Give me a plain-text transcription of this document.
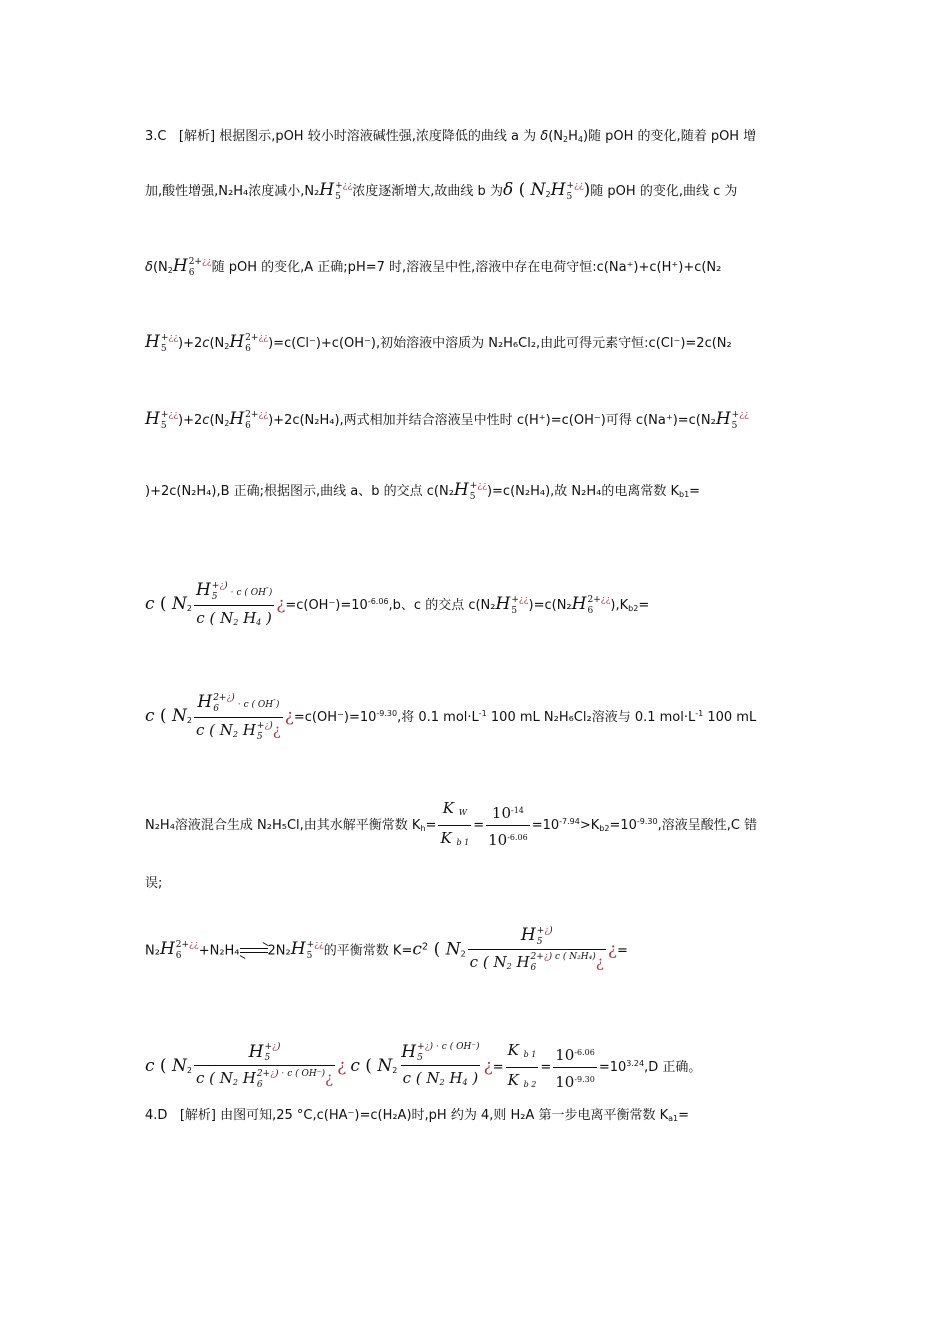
3.C [解析] 根据图示,pOH 较小时溶液碱性强,浓度降低的曲线 a 为 $\delta(N_2H_4)$随 pOH 的变化,随着 pOH 增
加,酸性增强,N₂H₄浓度减小,N₂H +¿¿
5 浓度逐渐增大,故曲线 b 为δ ( $N_2H$ +¿¿
5 )随 pOH 的变化,曲线 c 为
$\delta(N_2H$ 2+¿¿
6	随 pOH 的变化,A 正确;pH=7 时,溶液呈中性,溶液中存在电荷守恒:c(Na⁺)+c(H⁺)+c(N₂
H +¿¿
5 )$+2c(N_2H$ 2+¿¿
6	)=c(Cl⁻)+c(OH⁻),初始溶液中溶质为 N₂H₆Cl₂,由此可得元素守恒:c(Cl⁻)=2c(N₂
H +¿¿
5 )$+2c(N_2H$ 2+¿¿
6	)+2c(N₂H₄),两式相加并结合溶液呈中性时 c(H⁺)=c(OH⁻)可得 c(Na⁺)=c(N₂H +¿¿
5
)+2c(N₂H₄),B 正确;根据图示,曲线 a、b 的交点 c(N₂H +¿¿
5 )=c(N₂H₄),故 N₂H₄的电离常数 $K_{b1}=$
c ( $N_2$ H +¿)
5	⋅ c ( OH-)
c ( $N_2$ $H_4$ ) ¿$=c(OH^-)=10^{-6.06},b$、c 的交点 c(N₂H +¿¿
5 )=c(N₂H 2+¿¿
6	)$,K_{b2}=$
c ( $N_2$ H 2+¿)
6	⋅ c ( OH-)
c ( $N_2$ H +¿)
5 ¿ ¿$=c(OH^-)=10^{-9.30}$,将 0.1 $mol\cdot L^{-1}$ 100 mL N₂H₆Cl₂溶液与 0.1 $mol\cdot L^{-1}$ 100 mL
N₂H₄溶液混合生成 N₂H₅Cl,由其水解平衡常数 $K_h= \frac{K _W}{K _{b 1}} = \frac{10^{-14}}{10^{-6.06}} =10^{-7.94}>K_{b2}=10^{-9.30}$,溶液呈酸性,C 错
误;
N₂H 2+¿¿
6	+N₂H₄ 2N₂H +¿¿
5 的平衡常数 $K=c^2$ ( $N_2$ H +¿)
5
c ( $N_2$ H 2+¿) c ( N₂H₄)
6	¿ ¿=
c ( $N_2$ H +¿)
5
c ( $N_2$ H 2+¿) ⋅ c ( OH⁻)
6	¿ ¿ c ( $N_2$ H +¿) ⋅ c ( OH⁻)
5
c ( $N_2$ $H_4$ ) ¿= $\frac{K _{b 1}}{K _{b 2}} = \frac{10^{-6.06}}{10^{-9.30}} =10^{3.24},D$ 正确。
4.D [解析] 由图可知,25 °C,c(HA⁻)=c(H₂A)时,pH 约为 4,则 H₂A 第一步电离平衡常数 $K_{a1}=$
